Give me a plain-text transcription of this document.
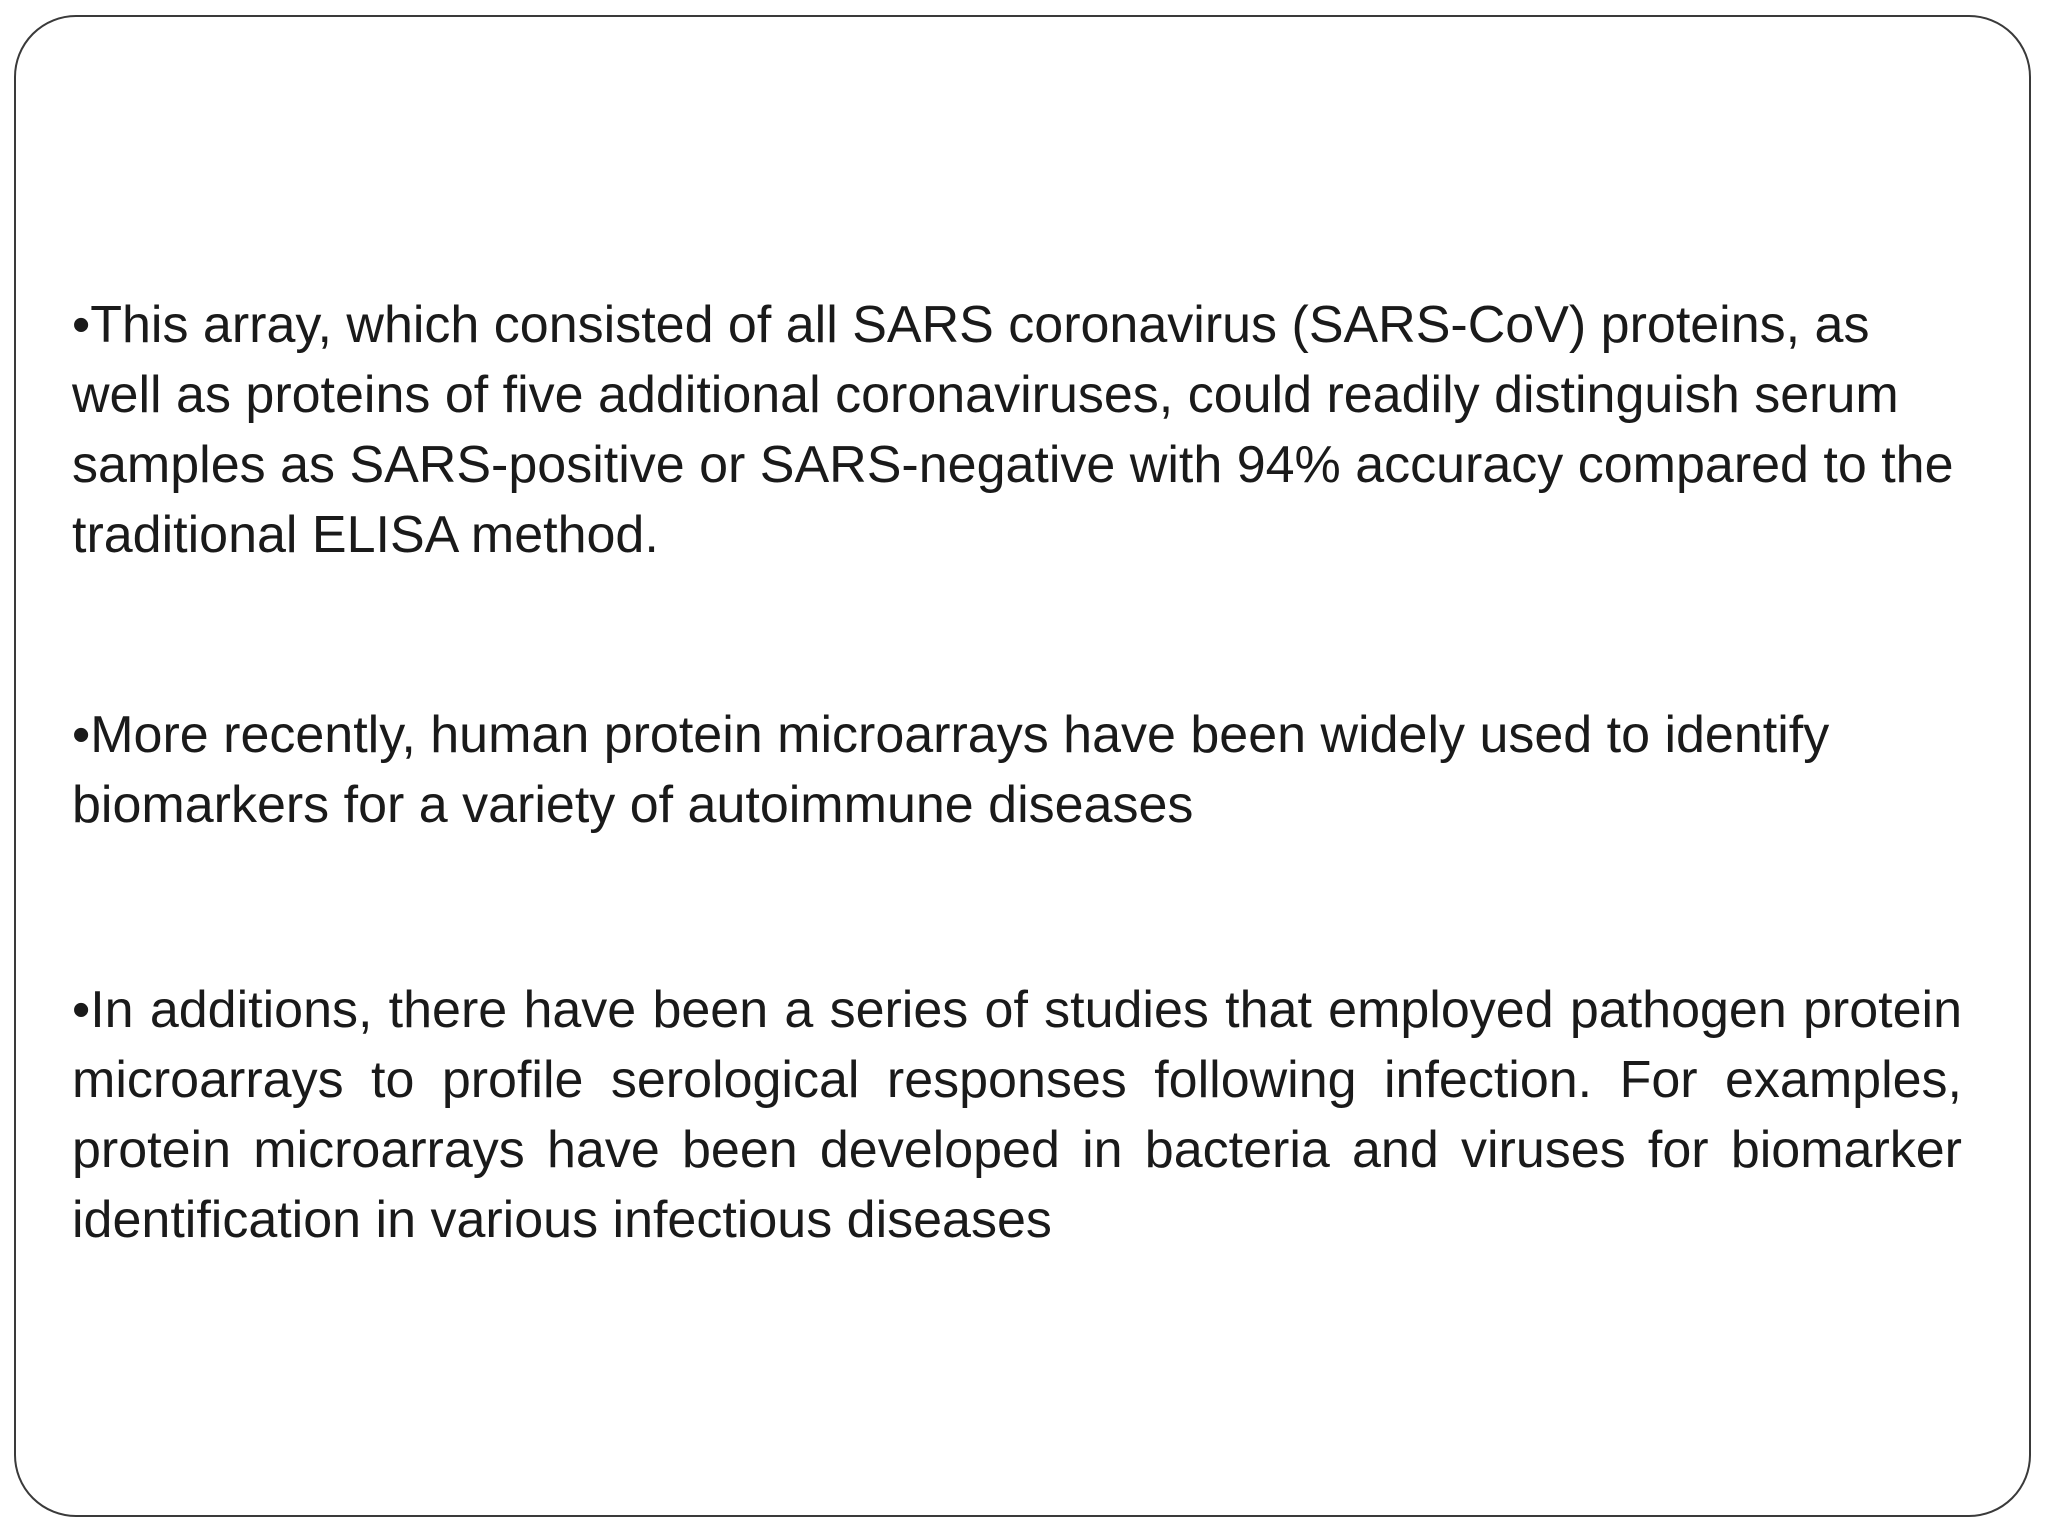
•This array, which consisted of all SARS coronavirus (SARS-CoV) proteins, as well as proteins of five additional coronaviruses, could readily distinguish serum samples as SARS-positive or SARS-negative with 94% accuracy compared to the traditional ELISA method.

•More recently, human protein microarrays have been widely used to identify biomarkers for a variety of autoimmune diseases

•In additions, there have been a series of studies that employed pathogen protein microarrays to profile serological responses following infection. For examples, protein microarrays have been developed in bacteria and viruses for biomarker identification in various infectious diseases
